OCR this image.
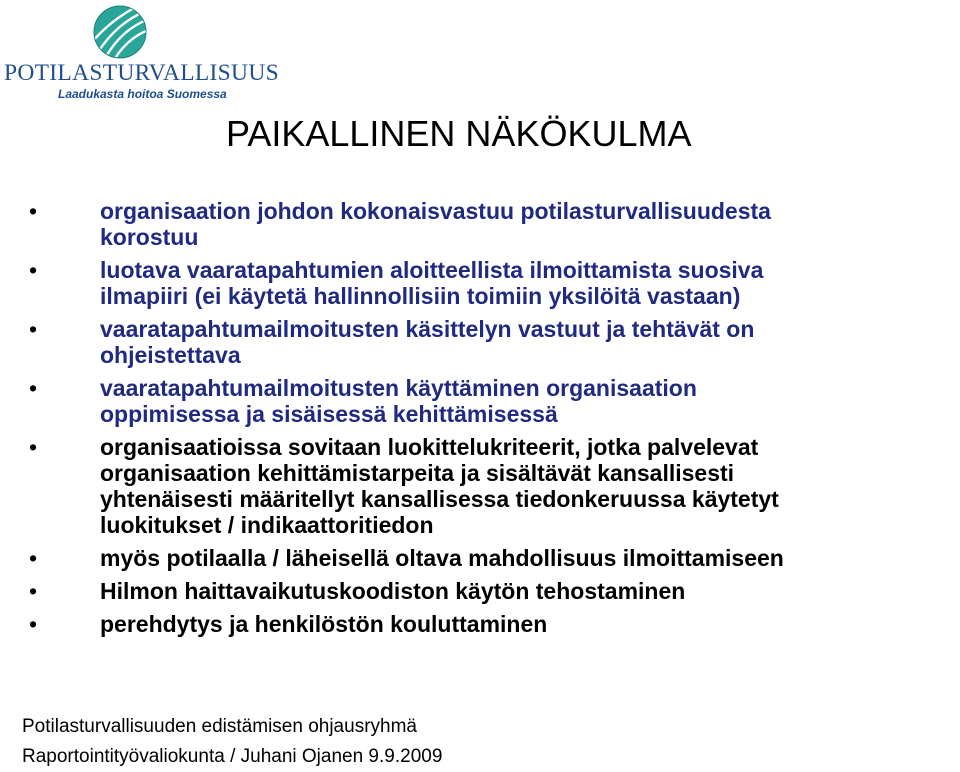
POTILASTURVALLISUUS
Laadukasta hoitoa Suomessa
PAIKALLINEN NÄKÖKULMA
•	organisaation johdon kokonaisvastuu potilasturvallisuudesta
korostuu
•	luotava vaaratapahtumien aloitteellista ilmoittamista suosiva
ilmapiiri (ei käytetä hallinnollisiin toimiin yksilöitä vastaan)
•	vaaratapahtumailmoitusten käsittelyn vastuut ja tehtävät on
ohjeistettava
•	vaaratapahtumailmoitusten käyttäminen organisaation
oppimisessa ja sisäisessä kehittämisessä
•	organisaatioissa sovitaan luokittelukriteerit, jotka palvelevat
organisaation kehittämistarpeita ja sisältävät kansallisesti
yhtenäisesti määritellyt kansallisessa tiedonkeruussa käytetyt
luokitukset / indikaattoritiedon
•	myös potilaalla / läheisellä oltava mahdollisuus ilmoittamiseen
•	Hilmon haittavaikutuskoodiston käytön tehostaminen
•	perehdytys ja henkilöstön kouluttaminen
Potilasturvallisuuden edistämisen ohjausryhmä
Raportointityövaliokunta / Juhani Ojanen 9.9.2009
